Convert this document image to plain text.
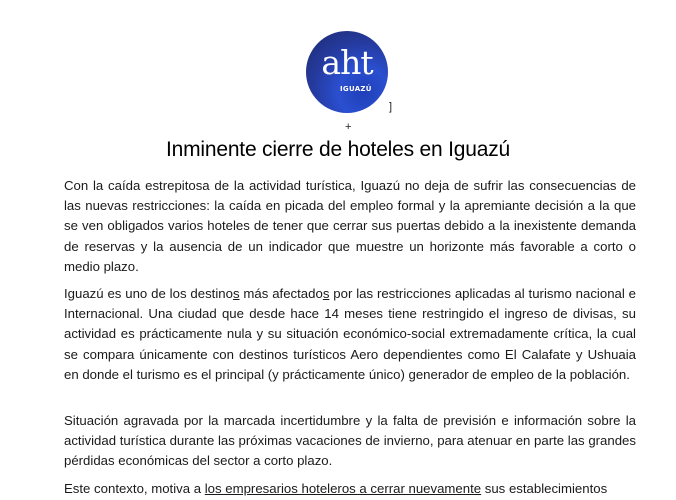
aht
IGUAZÚ
]
+
Inminente cierre de hoteles en Iguazú

Con la caída estrepitosa de la actividad turística, Iguazú no deja de sufrir las consecuencias de las nuevas restricciones: la caída en picada del empleo formal y la apremiante decisión a la que se ven obligados varios hoteles de tener que cerrar sus puertas debido a la inexistente demanda de reservas y la ausencia de un indicador que muestre un horizonte más favorable a corto o medio plazo.

Iguazú es uno de los destinos más afectados por las restricciones aplicadas al turismo nacional e Internacional. Una ciudad que desde hace 14 meses tiene restringido el ingreso de divisas, su actividad es prácticamente nula y su situación económico-social extremadamente crítica, la cual se compara únicamente con destinos turísticos Aero dependientes como El Calafate y Ushuaia en donde el turismo es el principal (y prácticamente único) generador de empleo de la población.

Situación agravada por la marcada incertidumbre y la falta de previsión e información sobre la actividad turística durante las próximas vacaciones de invierno, para atenuar en parte las grandes pérdidas económicas del sector a corto plazo.

Este contexto, motiva a los empresarios hoteleros a cerrar nuevamente sus establecimientos
